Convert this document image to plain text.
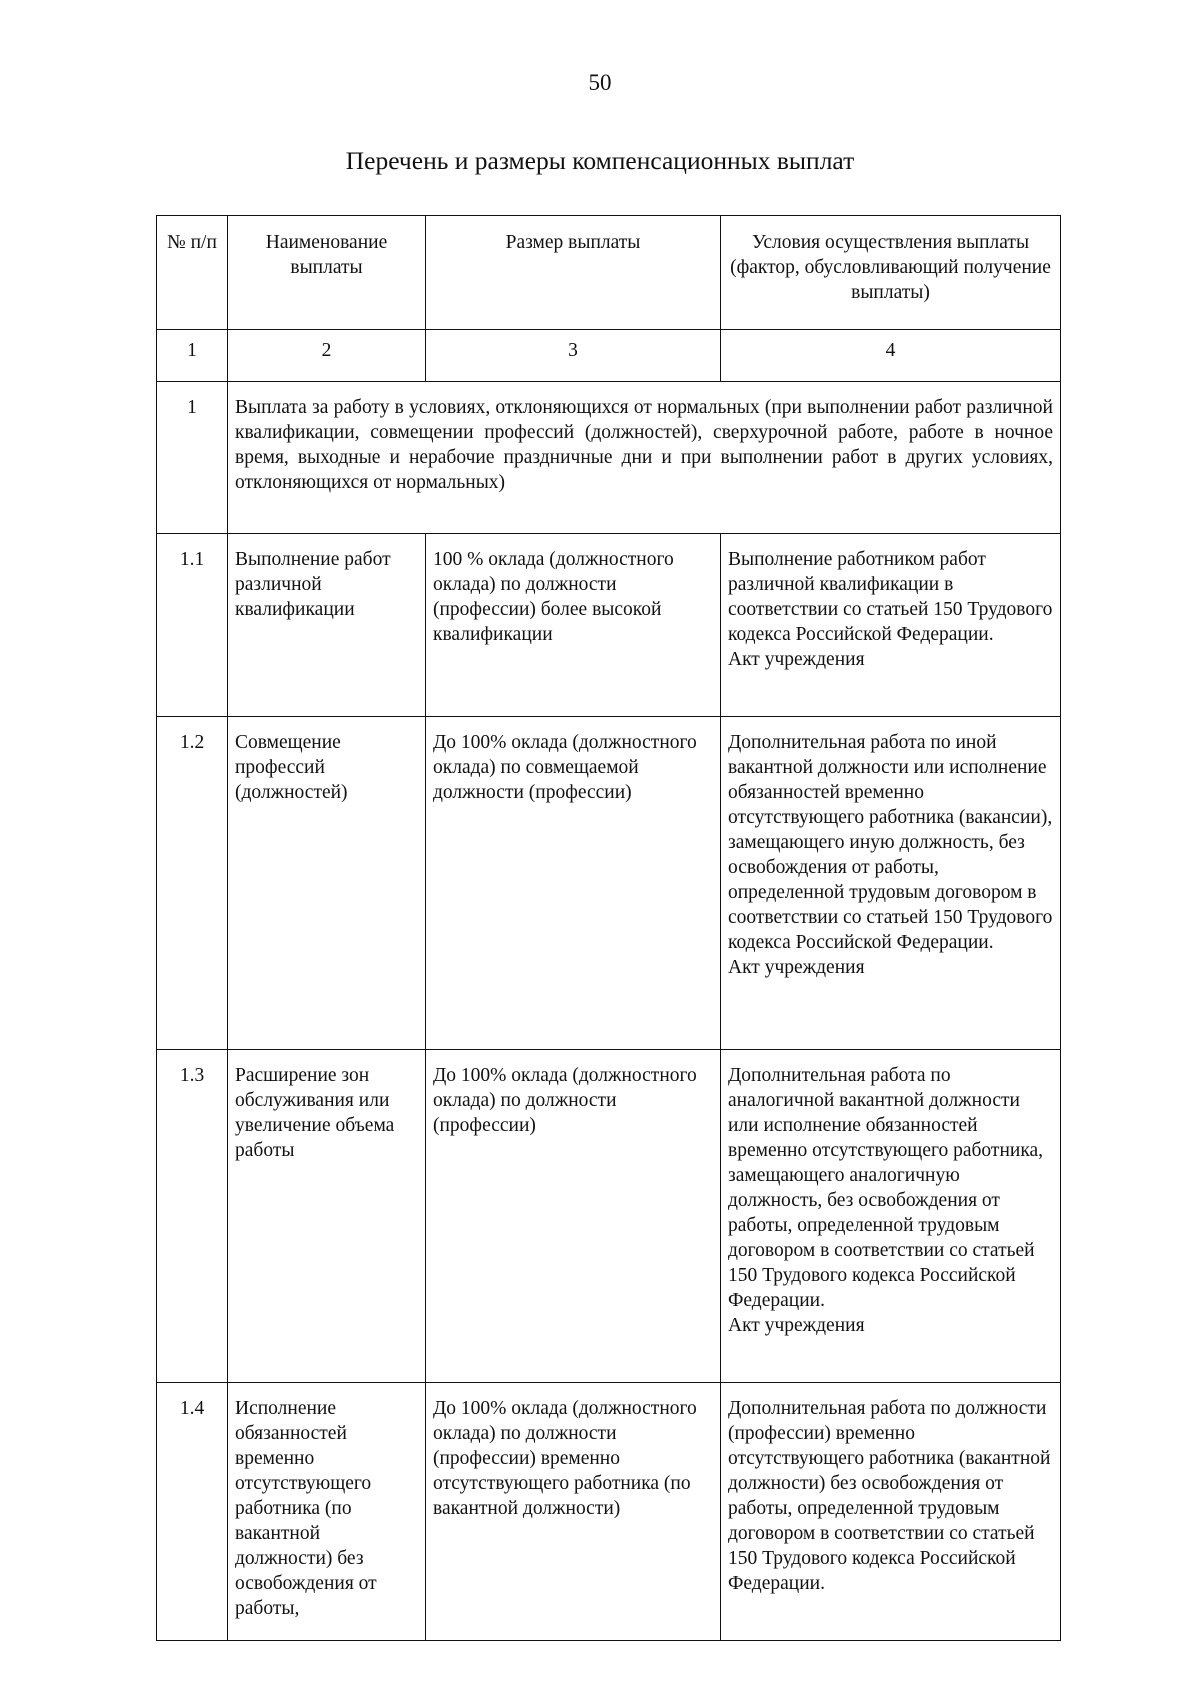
50
Перечень и размеры компенсационных выплат
№ п/п	Наименование выплаты	Размер выплаты	Условия осуществления выплаты (фактор, обусловливающий получение выплаты)
1	2	3	4
1	Выплата за работу в условиях, отклоняющихся от нормальных (при выполнении работ различной квалификации, совмещении профессий (должностей), сверхурочной работе, работе в ночное время, выходные и нерабочие праздничные дни и при выполнении работ в других условиях, отклоняющихся от нормальных)		
1.1	Выполнение работ различной квалификации	100 % оклада (должностного оклада) по должности (профессии) более высокой квалификации	Выполнение работником работ различной квалификации в соответствии со статьей 150 Трудового кодекса Российской Федерации.
Акт учреждения

1.2	Совмещение профессий (должностей)	До 100% оклада (должностного оклада) по совмещаемой должности (профессии)	Дополнительная работа по иной вакантной должности или исполнение обязанностей временно отсутствующего работника (вакансии), замещающего иную должность, без освобождения от работы, определенной трудовым договором в соответствии со статьей 150 Трудового кодекса Российской Федерации.
Акт учреждения

1.3	Расширение зон обслуживания или увеличение объема работы	До 100% оклада (должностного оклада) по должности (профессии)	Дополнительная работа по аналогичной вакантной должности или исполнение обязанностей временно отсутствующего работника, замещающего аналогичную должность, без освобождения от работы, определенной трудовым договором в соответствии со статьей 150 Трудового кодекса Российской Федерации.
Акт учреждения

1.4	Исполнение обязанностей временно отсутствующего работника (по вакантной должности) без освобождения от работы,	До 100% оклада (должностного оклада) по должности (профессии) временно отсутствующего работника (по вакантной должности)	Дополнительная работа по должности (профессии) временно отсутствующего работника (вакантной должности) без освобождения от работы, определенной трудовым договором в соответствии со статьей 150 Трудового кодекса Российской Федерации.
